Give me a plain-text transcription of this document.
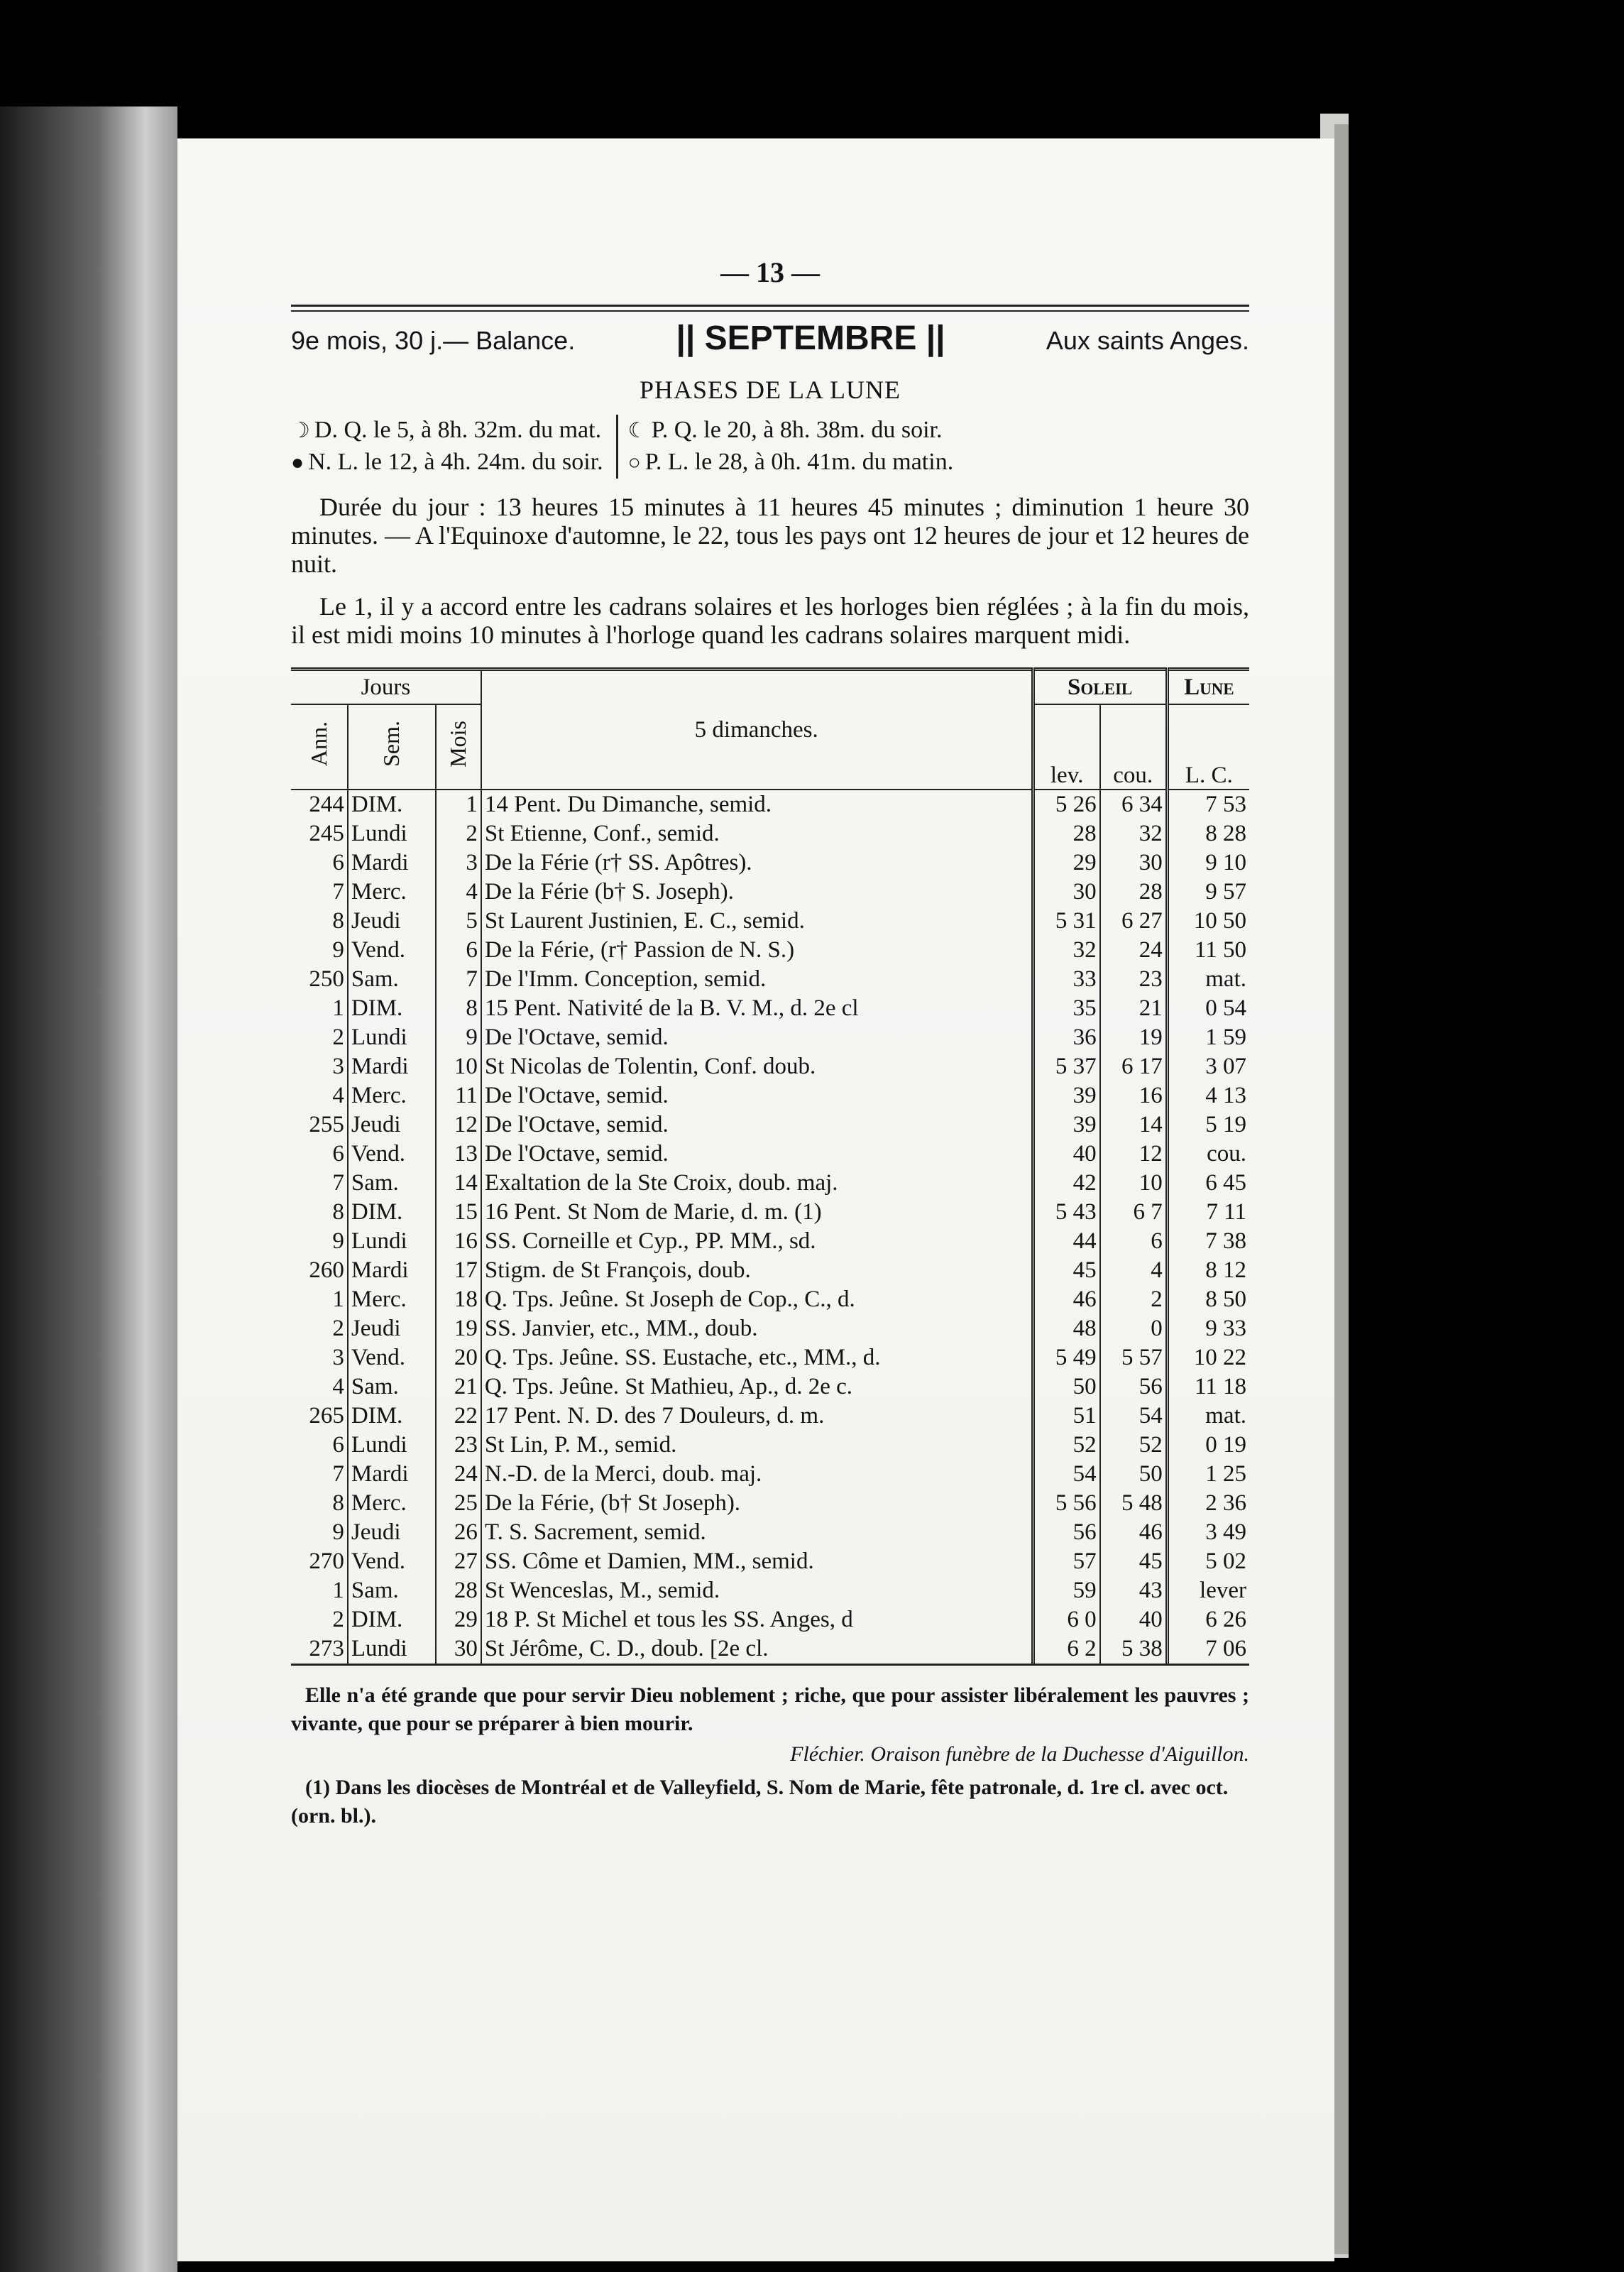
— 13 —
9e mois, 30 j.— Balance.	|| SEPTEMBRE ||	Aux saints Anges.
PHASES DE LA LUNE
☽ D. Q. le 5, à 8h. 32m. du mat.
● N. L. le 12, à 4h. 24m. du soir.
☾ P. Q. le 20, à 8h. 38m. du soir.
○ P. L. le 28, à 0h. 41m. du matin.
Durée du jour : 13 heures 15 minutes à 11 heures 45 minutes ; diminution 1 heure 30 minutes. — A l'Equinoxe d'automne, le 22, tous les pays ont 12 heures de jour et 12 heures de nuit.
Le 1, il y a accord entre les cadrans solaires et les horloges bien réglées ; à la fin du mois, il est midi moins 10 minutes à l'horloge quand les cadrans solaires marquent midi.
Jours			5 dimanches.	Soleil		Lune
Ann.	Sem.	Mois		lev.	cou.	L. C.
244	DIM.	1	14 Pent. Du Dimanche, semid.	5 26	6 34	7 53
245	Lundi	2	St Etienne, Conf., semid.	28	32	8 28
6	Mardi	3	De la Férie (r† SS. Apôtres).	29	30	9 10
7	Merc.	4	De la Férie (b† S. Joseph).	30	28	9 57
8	Jeudi	5	St Laurent Justinien, E. C., semid.	5 31	6 27	10 50
9	Vend.	6	De la Férie, (r† Passion de N. S.)	32	24	11 50
250	Sam.	7	De l'Imm. Conception, semid.	33	23	mat.
1	DIM.	8	15 Pent. Nativité de la B. V. M., d. 2e cl	35	21	0 54
2	Lundi	9	De l'Octave, semid.	36	19	1 59
3	Mardi	10	St Nicolas de Tolentin, Conf. doub.	5 37	6 17	3 07
4	Merc.	11	De l'Octave, semid.	39	16	4 13
255	Jeudi	12	De l'Octave, semid.	39	14	5 19
6	Vend.	13	De l'Octave, semid.	40	12	cou.
7	Sam.	14	Exaltation de la Ste Croix, doub. maj.	42	10	6 45
8	DIM.	15	16 Pent. St Nom de Marie, d. m. (1)	5 43	6 7	7 11
9	Lundi	16	SS. Corneille et Cyp., PP. MM., sd.	44	6	7 38
260	Mardi	17	Stigm. de St François, doub.	45	4	8 12
1	Merc.	18	Q. Tps. Jeûne. St Joseph de Cop., C., d.	46	2	8 50
2	Jeudi	19	SS. Janvier, etc., MM., doub.	48	0	9 33
3	Vend.	20	Q. Tps. Jeûne. SS. Eustache, etc., MM., d.	5 49	5 57	10 22
4	Sam.	21	Q. Tps. Jeûne. St Mathieu, Ap., d. 2e c.	50	56	11 18
265	DIM.	22	17 Pent. N. D. des 7 Douleurs, d. m.	51	54	mat.
6	Lundi	23	St Lin, P. M., semid.	52	52	0 19
7	Mardi	24	N.-D. de la Merci, doub. maj.	54	50	1 25
8	Merc.	25	De la Férie, (b† St Joseph).	5 56	5 48	2 36
9	Jeudi	26	T. S. Sacrement, semid.	56	46	3 49
270	Vend.	27	SS. Côme et Damien, MM., semid.	57	45	5 02
1	Sam.	28	St Wenceslas, M., semid.	59	43	lever
2	DIM.	29	18 P. St Michel et tous les SS. Anges, d	6 0	40	6 26
273	Lundi	30	St Jérôme, C. D., doub. [2e cl.	6 2	5 38	7 06
Elle n'a été grande que pour servir Dieu noblement ; riche, que pour assister libéralement les pauvres ; vivante, que pour se préparer à bien mourir.
Fléchier. Oraison funèbre de la Duchesse d'Aiguillon.
(1) Dans les diocèses de Montréal et de Valleyfield, S. Nom de Marie, fête patronale, d. 1re cl. avec oct. (orn. bl.).
